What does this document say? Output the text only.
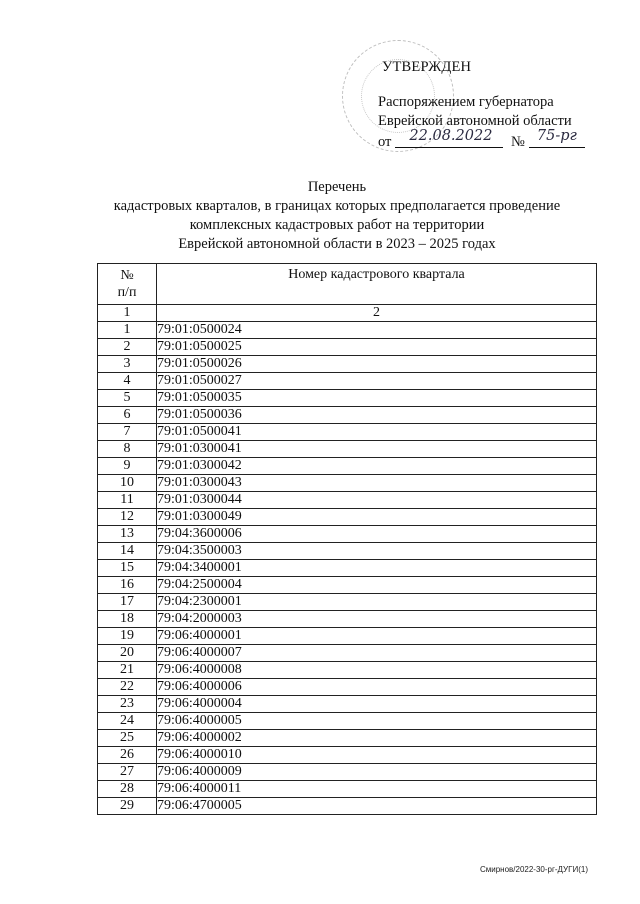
УТВЕРЖДЕН
Распоряжением губернатора
Еврейской автономной области
от 22.08.2022 № 75-рг
Перечень
кадастровых кварталов, в границах которых предполагается проведение
комплексных кадастровых работ на территории
Еврейской автономной области в 2023 – 2025 годах
№
п/п	Номер кадастрового квартала
1	2
1	79:01:0500024
2	79:01:0500025
3	79:01:0500026
4	79:01:0500027
5	79:01:0500035
6	79:01:0500036
7	79:01:0500041
8	79:01:0300041
9	79:01:0300042
10	79:01:0300043
11	79:01:0300044
12	79:01:0300049
13	79:04:3600006
14	79:04:3500003
15	79:04:3400001
16	79:04:2500004
17	79:04:2300001
18	79:04:2000003
19	79:06:4000001
20	79:06:4000007
21	79:06:4000008
22	79:06:4000006
23	79:06:4000004
24	79:06:4000005
25	79:06:4000002
26	79:06:4000010
27	79:06:4000009
28	79:06:4000011
29	79:06:4700005
Смирнов/2022-30-рг-ДУГИ(1)
